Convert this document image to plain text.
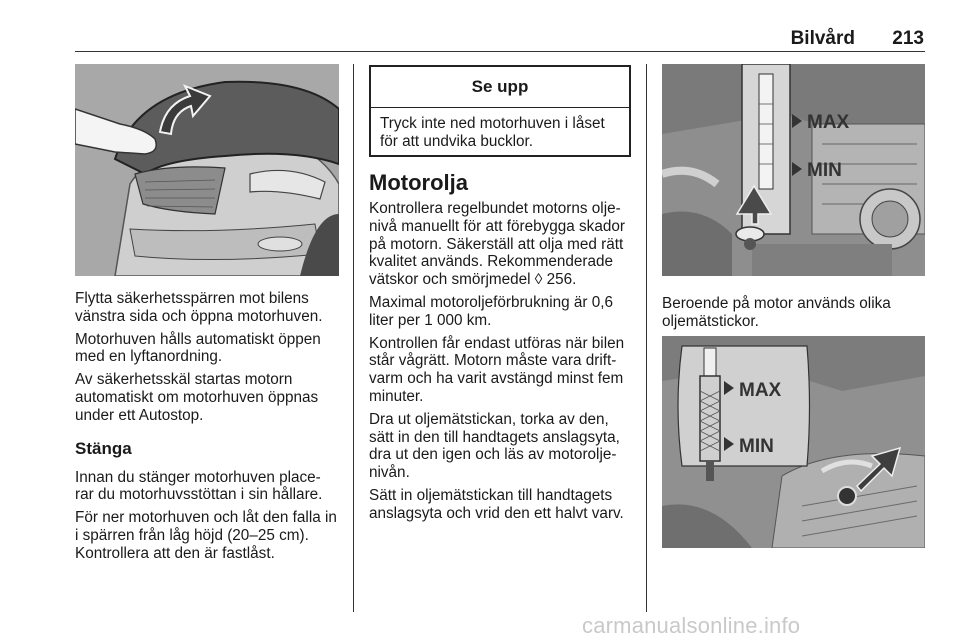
Bilvård	213

Flytta säkerhetsspärren mot bilens vänstra sida och öppna motorhuven.

Motorhuven hålls automatiskt öppen med en lyftanordning.

Av säkerhetsskäl startas motorn automatiskt om motorhuven öppnas under ett Autostop.

Stänga

Innan du stänger motorhuven place-rar du motorhuvsstöttan i sin hållare.

För ner motorhuven och låt den falla in i spärren från låg höjd (20–25 cm). Kontrollera att den är fastlåst.

Se upp
Tryck inte ned motorhuven i låset för att undvika bucklor.
Motorolja

Kontrollera regelbundet motorns olje-nivå manuellt för att förebygga skador på motorn. Säkerställ att olja med rätt kvalitet används. Rekommenderade vätskor och smörjmedel ◊ 256.

Maximal motoroljeförbrukning är 0,6 liter per 1 000 km.

Kontrollen får endast utföras när bilen står vågrätt. Motorn måste vara drift-varm och ha varit avstängd minst fem minuter.

Dra ut oljemätstickan, torka av den, sätt in den till handtagets anslagsyta, dra ut den igen och läs av motorolje-nivån.

Sätt in oljemätstickan till handtagets anslagsyta och vrid den ett halvt varv.

MAX
MIN

Beroende på motor används olika oljemätstickor.

MAX
MIN
carmanualsonline.info
